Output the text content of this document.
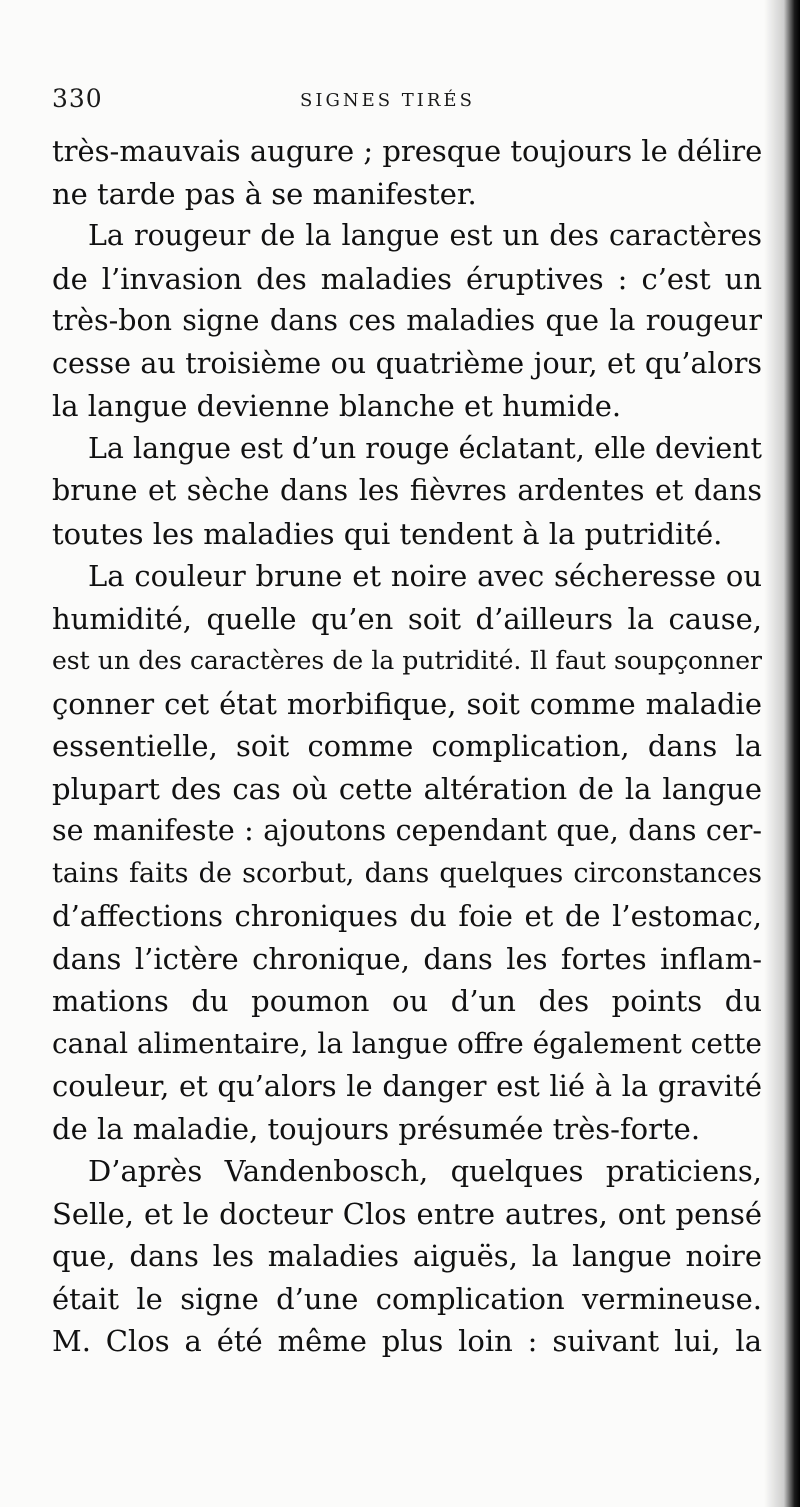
330	SIGNES TIRÉS
très-mauvais augure ; presque toujours le délire
ne tarde pas à se manifester.
La rougeur de la langue est un des caractères
de l’invasion des maladies éruptives : c’est un
très-bon signe dans ces maladies que la rougeur
cesse au troisième ou quatrième jour, et qu’alors
la langue devienne blanche et humide.
La langue est d’un rouge éclatant, elle devient
brune et sèche dans les fièvres ardentes et dans
toutes les maladies qui tendent à la putridité.
La couleur brune et noire avec sécheresse ou
humidité, quelle qu’en soit d’ailleurs la cause,
est un des caractères de la putridité. Il faut soupçonner
çonner cet état morbifique, soit comme maladie
essentielle, soit comme complication, dans la
plupart des cas où cette altération de la langue
se manifeste : ajoutons cependant que, dans cer-
tains faits de scorbut, dans quelques circonstances
d’affections chroniques du foie et de l’estomac,
dans l’ictère chronique, dans les fortes inflam-
mations du poumon ou d’un des points du
canal alimentaire, la langue offre également cette
couleur, et qu’alors le danger est lié à la gravité
de la maladie, toujours présumée très-forte.
D’après Vandenbosch, quelques praticiens,
Selle, et le docteur Clos entre autres, ont pensé
que, dans les maladies aiguës, la langue noire
était le signe d’une complication vermineuse.
M. Clos a été même plus loin : suivant lui, la
